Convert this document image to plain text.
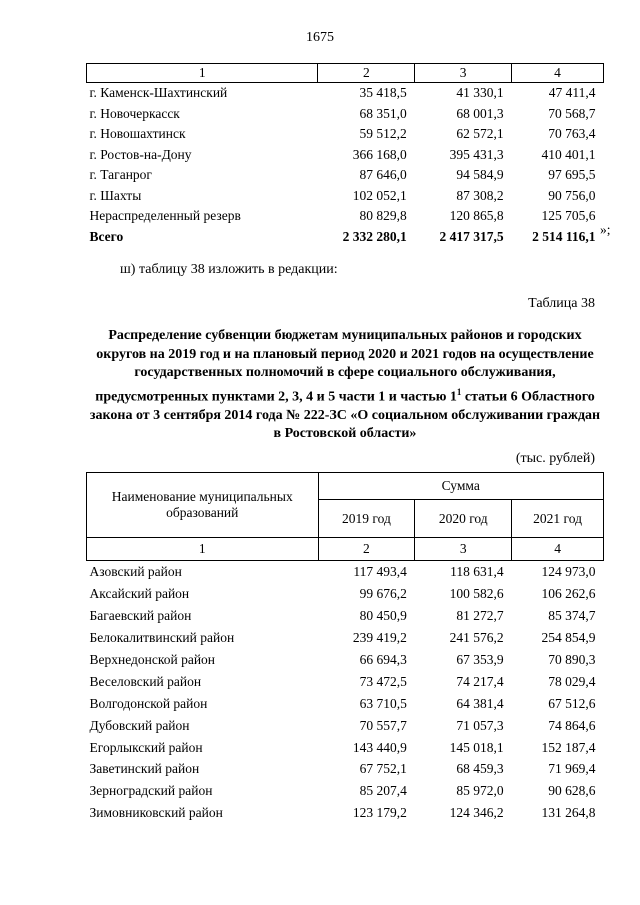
1675
1	2	3	4
г. Каменск-Шахтинский	35 418,5	41 330,1	47 411,4
г. Новочеркасск	68 351,0	68 001,3	70 568,7
г. Новошахтинск	59 512,2	62 572,1	70 763,4
г. Ростов-на-Дону	366 168,0	395 431,3	410 401,1
г. Таганрог	87 646,0	94 584,9	97 695,5
г. Шахты	102 052,1	87 308,2	90 756,0
Нераспределенный резерв	80 829,8	120 865,8	125 705,6
Всего	2 332 280,1	2 417 317,5	2 514 116,1 »;
ш) таблицу 38 изложить в редакции:
Таблица 38
Распределение субвенции бюджетам муниципальных районов и городских округов на 2019 год и на плановый период 2020 и 2021 годов на осуществление государственных полномочий в сфере социального обслуживания, предусмотренных пунктами 2, 3, 4 и 5 части 1 и частью $1^1$ статьи 6 Областного закона от 3 сентября 2014 года № 222-ЗС «О социальном обслуживании граждан в Ростовской области»
(тыс. рублей)
Наименование муниципальных образований	Сумма		
	2019 год	2020 год	2021 год
1	2	3	4
Азовский район	117 493,4	118 631,4	124 973,0
Аксайский район	99 676,2	100 582,6	106 262,6
Багаевский район	80 450,9	81 272,7	85 374,7
Белокалитвинский район	239 419,2	241 576,2	254 854,9
Верхнедонской район	66 694,3	67 353,9	70 890,3
Веселовский район	73 472,5	74 217,4	78 029,4
Волгодонской район	63 710,5	64 381,4	67 512,6
Дубовский район	70 557,7	71 057,3	74 864,6
Егорлыкский район	143 440,9	145 018,1	152 187,4
Заветинский район	67 752,1	68 459,3	71 969,4
Зерноградский район	85 207,4	85 972,0	90 628,6
Зимовниковский район	123 179,2	124 346,2	131 264,8
